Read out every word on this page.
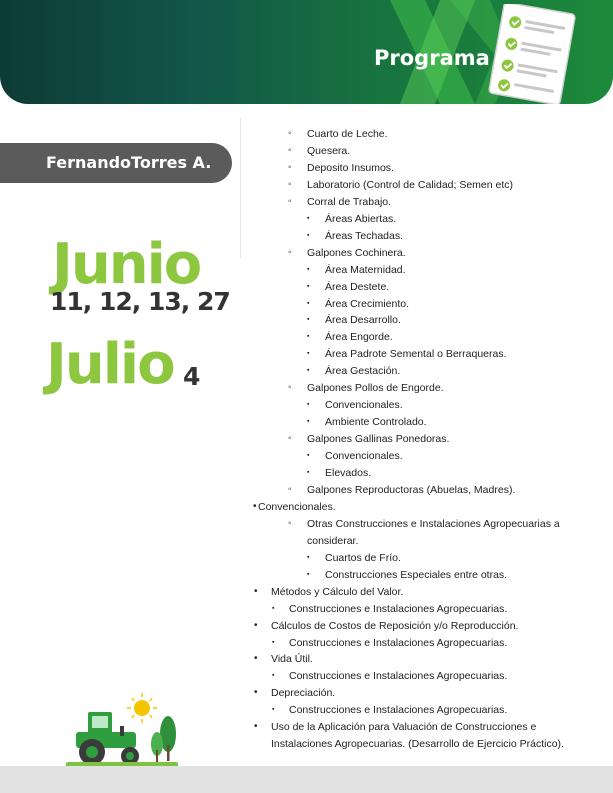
Programa
FernandoTorres A.
Junio
11, 12, 13, 27
Julio 4
◦ Cuarto de Leche.
◦ Quesera.
◦ Deposito Insumos.
◦ Laboratorio (Control de Calidad; Semen etc)
◦ Corral de Trabajo.
▪ Áreas Abiertas.
▪ Áreas Techadas.
◦ Galpones Cochinera.
▪ Área Maternidad.
▪ Área Destete.
▪ Área Crecimiento.
▪ Área Desarrollo.
▪ Área Engorde.
▪ Área Padrote Semental o Berraqueras.
▪ Área Gestación.
◦ Galpones Pollos de Engorde.
▪ Convencionales.
▪ Ambiente Controlado.
◦ Galpones Gallinas Ponedoras.
▪ Convencionales.
▪ Elevados.
◦ Galpones Reproductoras (Abuelas, Madres).
• Convencionales.
◦ Otras Construcciones e Instalaciones Agropecuarias a
considerar.
▪ Cuartos de Frío.
▪ Construcciones Especiales entre otras.
• Métodos y Cálculo del Valor.
▪ Construcciones e Instalaciones Agropecuarias.
• Cálculos de Costos de Reposición y/o Reproducción.
▪ Construcciones e Instalaciones Agropecuarias.
• Vida Útil.
▪ Construcciones e Instalaciones Agropecuarias.
• Depreciación.
▪ Construcciones e Instalaciones Agropecuarias.
• Uso de la Aplicación para Valuación de Construcciones e
Instalaciones Agropecuarias. (Desarrollo de Ejercicio Práctico).
